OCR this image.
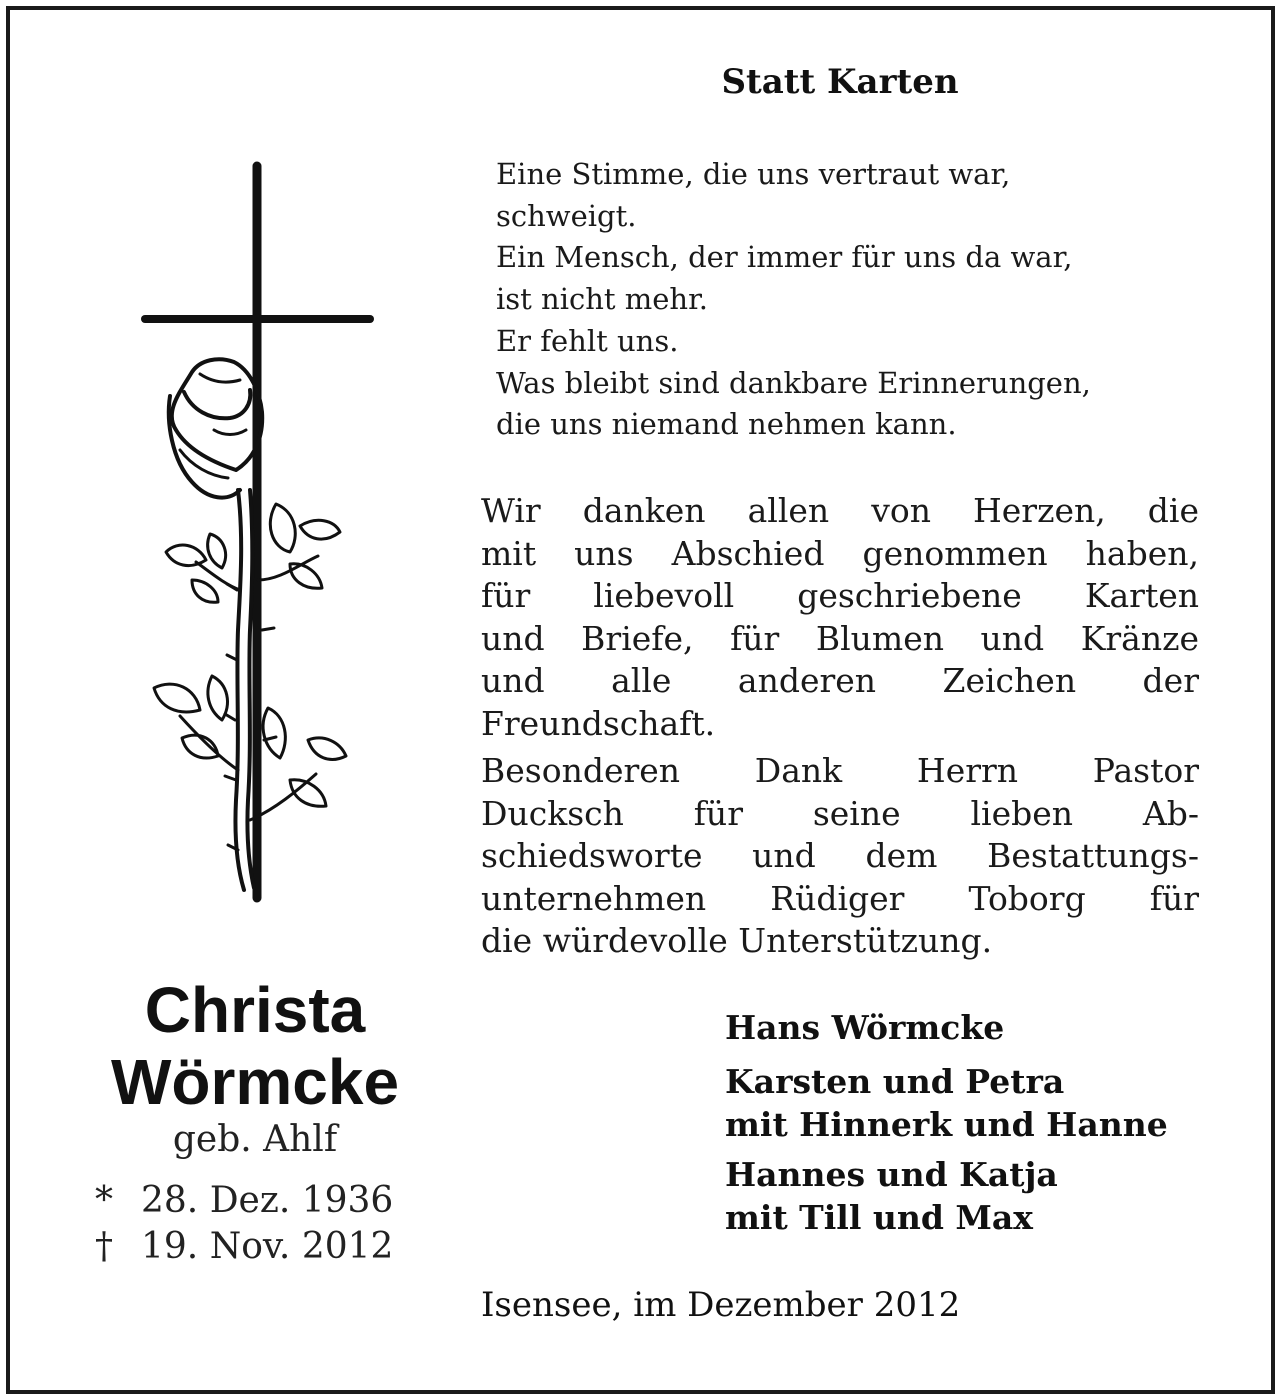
Christa
Wörmcke
geb. Ahlf
* 28. Dez. 1936
† 19. Nov. 2012
Statt Karten
Eine Stimme, die uns vertraut war,
schweigt.
Ein Mensch, der immer für uns da war,
ist nicht mehr.
Er fehlt uns.
Was bleibt sind dankbare Erinnerungen,
die uns niemand nehmen kann.
Wir danken allen von Herzen, die
mit uns Abschied genommen haben,
für liebevoll geschriebene Karten
und Briefe, für Blumen und Kränze
und alle anderen Zeichen der
Freundschaft.
Besonderen Dank Herrn Pastor
Ducksch für seine lieben Ab-
schiedsworte und dem Bestattungs-
unternehmen Rüdiger Toborg für
die würdevolle Unterstützung.
Hans Wörmcke
Karsten und Petra
mit Hinnerk und Hanne
Hannes und Katja
mit Till und Max
Isensee, im Dezember 2012
